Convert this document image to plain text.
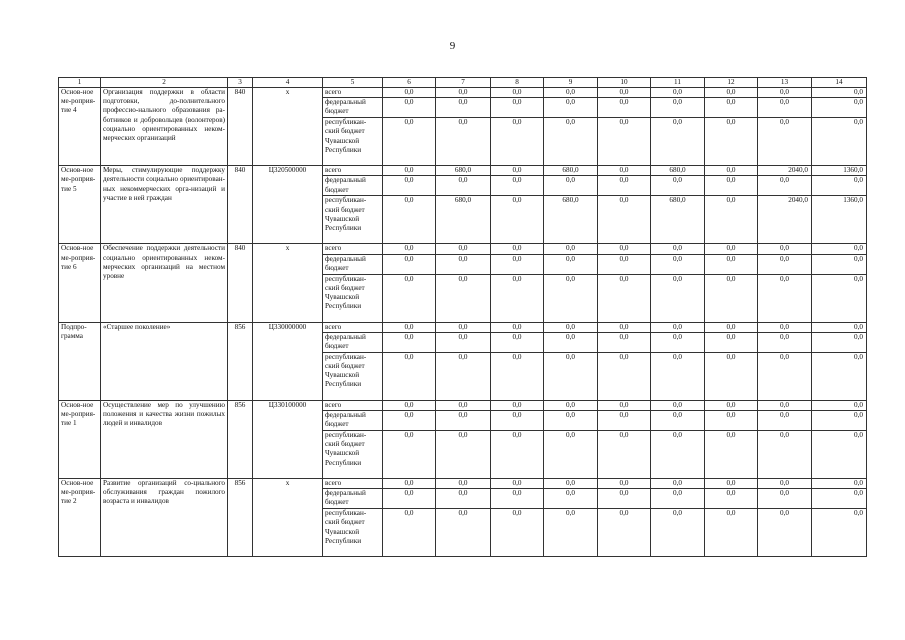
9
1	2	3	4	5	6	7	8	9	10	11	12	13	14
Основ-ное ме-роприя-тие 4	Организация поддержки в области подготовки, до-полнительного профессио-нального образования ра-ботников и добровольцев (волонтеров) социально ориентированных неком-мерческих организаций	840	x	всего	0,0	0,0	0,0	0,0	0,0	0,0	0,0	0,0	0,0
				федеральный бюджет	0,0	0,0	0,0	0,0	0,0	0,0	0,0	0,0	0,0
				республикан-ский бюджет Чувашской Республики	0,0	0,0	0,0	0,0	0,0	0,0	0,0	0,0	0,0
Основ-ное ме-роприя-тие 5	Меры, стимулирующие поддержку деятельности социально ориентирован-ных некоммерческих орга-низаций и участие в ней граждан	840	Ц320500000	всего	0,0	680,0	0,0	680,0	0,0	680,0	0,0	2040,0	1360,0
				федеральный бюджет	0,0	0,0	0,0	0,0	0,0	0,0	0,0	0,0	0,0
				республикан-ский бюджет Чувашской Республики	0,0	680,0	0,0	680,0	0,0	680,0	0,0	2040,0	1360,0
Основ-ное ме-роприя-тие 6	Обеспечение поддержки деятельности социально ориентированных неком-мерческих организаций на местном уровне	840	x	всего	0,0	0,0	0,0	0,0	0,0	0,0	0,0	0,0	0,0
				федеральный бюджет	0,0	0,0	0,0	0,0	0,0	0,0	0,0	0,0	0,0
				республикан-ский бюджет Чувашской Республики	0,0	0,0	0,0	0,0	0,0	0,0	0,0	0,0	0,0
Подпро-грамма	«Старшее поколение»	856	Ц330000000	всего	0,0	0,0	0,0	0,0	0,0	0,0	0,0	0,0	0,0
				федеральный бюджет	0,0	0,0	0,0	0,0	0,0	0,0	0,0	0,0	0,0
				республикан-ский бюджет Чувашской Республики	0,0	0,0	0,0	0,0	0,0	0,0	0,0	0,0	0,0
Основ-ное ме-роприя-тие 1	Осуществление мер по улучшению положения и качества жизни пожилых людей и инвалидов	856	Ц330100000	всего	0,0	0,0	0,0	0,0	0,0	0,0	0,0	0,0	0,0
				федеральный бюджет	0,0	0,0	0,0	0,0	0,0	0,0	0,0	0,0	0,0
				республикан-ский бюджет Чувашской Республики	0,0	0,0	0,0	0,0	0,0	0,0	0,0	0,0	0,0
Основ-ное ме-роприя-тие 2	Развитие организаций со-циального обслуживания граждан пожилого возраста и инвалидов	856	x	всего	0,0	0,0	0,0	0,0	0,0	0,0	0,0	0,0	0,0
				федеральный бюджет	0,0	0,0	0,0	0,0	0,0	0,0	0,0	0,0	0,0
				республикан-ский бюджет Чувашской Республики	0,0	0,0	0,0	0,0	0,0	0,0	0,0	0,0	0,0
